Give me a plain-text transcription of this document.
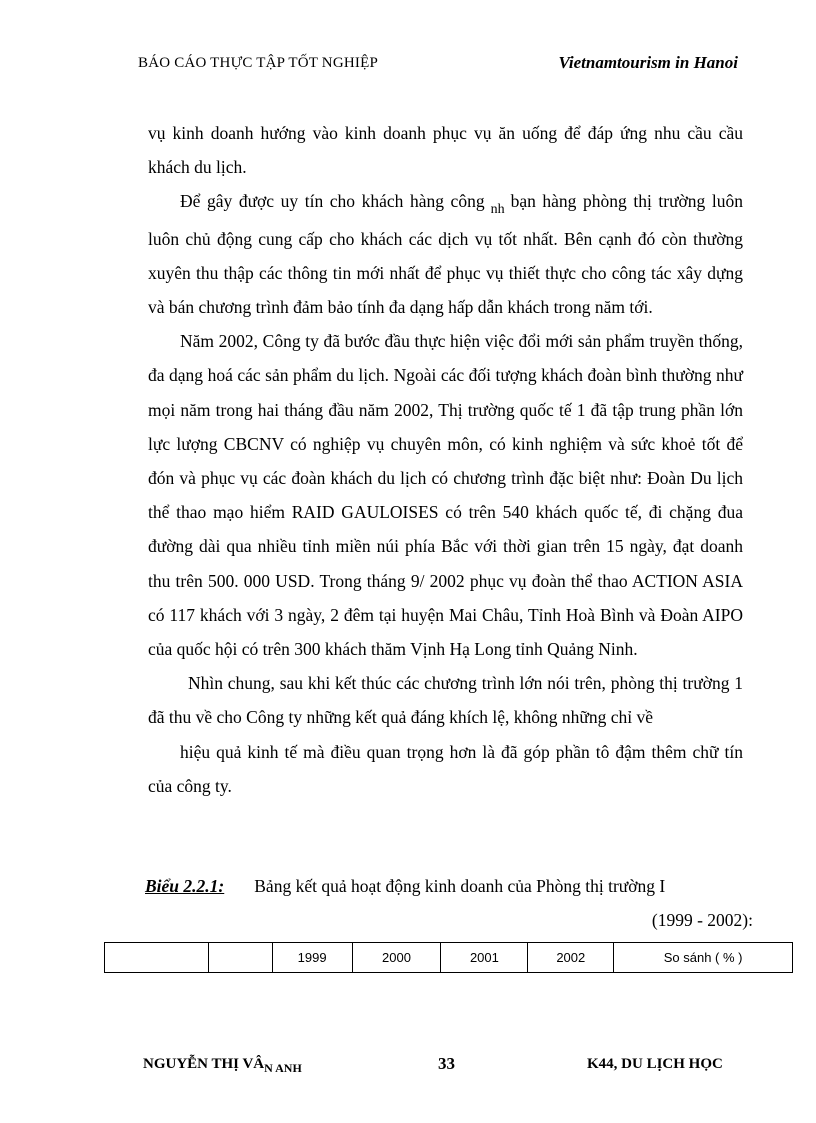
BÁO CÁO THỰC TẬP TỐT NGHIỆP	Vietnamtourism in Hanoi

vụ kinh doanh hướng vào kinh doanh phục vụ ăn uống để đáp ứng nhu cầu cầu khách du lịch.

Để gây được uy tín cho khách hàng công $_{nh}$ bạn hàng phòng thị trường luôn luôn chủ động cung cấp cho khách các dịch vụ tốt nhất. Bên cạnh đó còn thường xuyên thu thập các thông tin mới nhất để phục vụ thiết thực cho công tác xây dựng và bán chương trình đảm bảo tính đa dạng hấp dẫn khách trong năm tới.

Năm 2002, Công ty đã bước đầu thực hiện việc đổi mới sản phẩm truyền thống, đa dạng hoá các sản phẩm du lịch. Ngoài các đối tượng khách đoàn bình thường như mọi năm trong hai tháng đầu năm 2002, Thị trường quốc tế 1 đã tập trung phần lớn lực lượng CBCNV có nghiệp vụ chuyên môn, có kinh nghiệm và sức khoẻ tốt để đón và phục vụ các đoàn khách du lịch có chương trình đặc biệt như: Đoàn Du lịch thể thao mạo hiểm RAID GAULOISES có trên 540 khách quốc tế, đi chặng đua đường dài qua nhiều tỉnh miền núi phía Bắc với thời gian trên 15 ngày, đạt doanh thu trên 500. 000 USD. Trong tháng 9/ 2002 phục vụ đoàn thể thao ACTION ASIA có 117 khách với 3 ngày, 2 đêm tại huyện Mai Châu, Tỉnh Hoà Bình và Đoàn AIPO của quốc hội có trên 300 khách thăm Vịnh Hạ Long tỉnh Quảng Ninh.

Nhìn chung, sau khi kết thúc các chương trình lớn nói trên, phòng thị trường 1 đã thu về cho Công ty những kết quả đáng khích lệ, không những chỉ về

hiệu quả kinh tế mà điều quan trọng hơn là đã góp phần tô đậm thêm chữ tín của công ty.

Biểu 2.2.1: Bảng kết quả hoạt động kinh doanh của Phòng thị trường I
(1999 - 2002):
		1999	2000	2001	2002	So sánh ( % )
NGUYỄN THỊ $VÂ_{N ANH}$	33	K44, DU LỊCH HỌC
